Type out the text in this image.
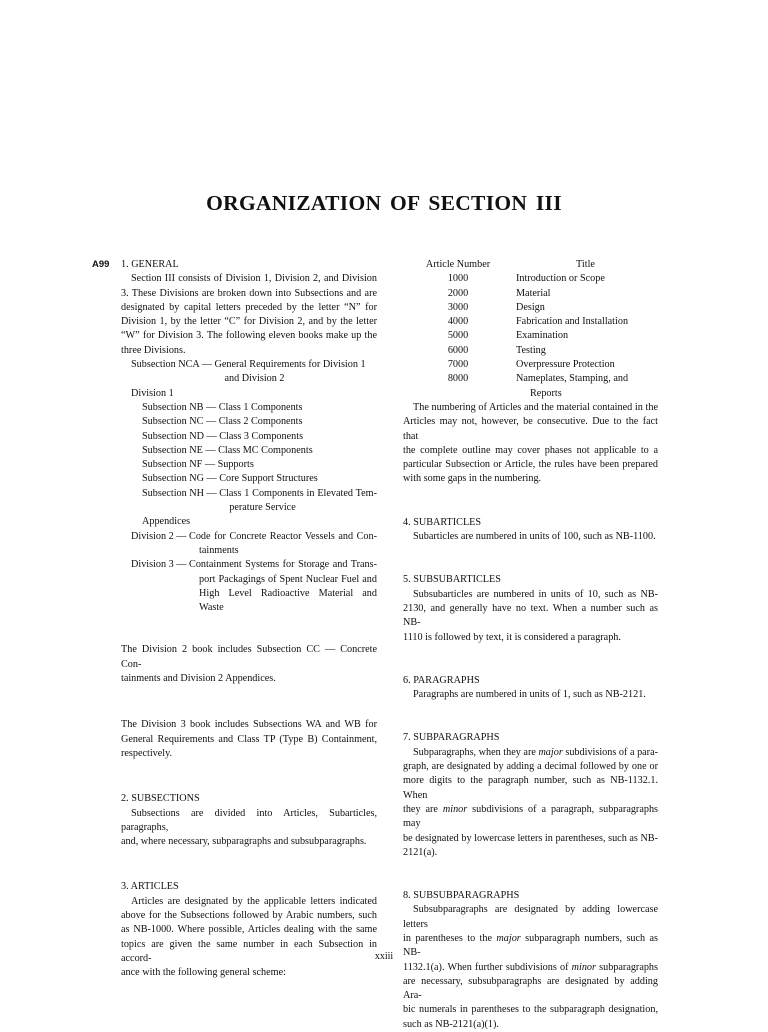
ORGANIZATION OF SECTION III
A99 1. GENERAL

Section III consists of Division 1, Division 2, and Division

3. These Divisions are broken down into Subsections and are

designated by capital letters preceded by the letter “N” for

Division 1, by the letter “C” for Division 2, and by the letter

“W” for Division 3. The following eleven books make up the

three Divisions.

Subsection NCA — General Requirements for Division 1
and Division 2

Division 1

Subsection NB — Class 1 Components
Subsection NC — Class 2 Components
Subsection ND — Class 3 Components
Subsection NE — Class MC Components
Subsection NF — Supports
Subsection NG — Core Support Structures
Subsection NH — Class 1 Components in Elevated Tem-
perature Service

Appendices

Division 2 — Code for Concrete Reactor Vessels and Con-
tainments
Division 3 — Containment Systems for Storage and Trans-
port Packagings of Spent Nuclear Fuel and
High Level Radioactive Material and Waste

The Division 2 book includes Subsection CC — Concrete Con-

tainments and Division 2 Appendices.

The Division 3 book includes Subsections WA and WB for

General Requirements and Class TP (Type B) Containment,

respectively.

2. SUBSECTIONS

Subsections are divided into Articles, Subarticles, paragraphs,

and, where necessary, subparagraphs and subsubparagraphs.

3. ARTICLES

Articles are designated by the applicable letters indicated

above for the Subsections followed by Arabic numbers, such

as NB-1000. Where possible, Articles dealing with the same

topics are given the same number in each Subsection in accord-

ance with the following general scheme:

Article Number	Title
1000	Introduction or Scope
2000	Material
3000	Design
4000	Fabrication and Installation
5000	Examination
6000	Testing
7000	Overpressure Protection
8000	Nameplates, Stamping, and
Reports

The numbering of Articles and the material contained in the

Articles may not, however, be consecutive. Due to the fact that

the complete outline may cover phases not applicable to a

particular Subsection or Article, the rules have been prepared

with some gaps in the numbering.

4. SUBARTICLES

Subarticles are numbered in units of 100, such as NB-1100.

5. SUBSUBARTICLES

Subsubarticles are numbered in units of 10, such as NB-

2130, and generally have no text. When a number such as NB-

1110 is followed by text, it is considered a paragraph.

6. PARAGRAPHS

Paragraphs are numbered in units of 1, such as NB-2121.

7. SUBPARAGRAPHS

Subparagraphs, when they are major subdivisions of a para-

graph, are designated by adding a decimal followed by one or

more digits to the paragraph number, such as NB-1132.1. When

they are minor subdivisions of a paragraph, subparagraphs may

be designated by lowercase letters in parentheses, such as NB-

2121(a).

8. SUBSUBPARAGRAPHS

Subsubparagraphs are designated by adding lowercase letters

in parentheses to the major subparagraph numbers, such as NB-

1132.1(a). When further subdivisions of minor subparagraphs

are necessary, subsubparagraphs are designated by adding Ara-

bic numerals in parentheses to the subparagraph designation,

such as NB-2121(a)(1).

xxiii
